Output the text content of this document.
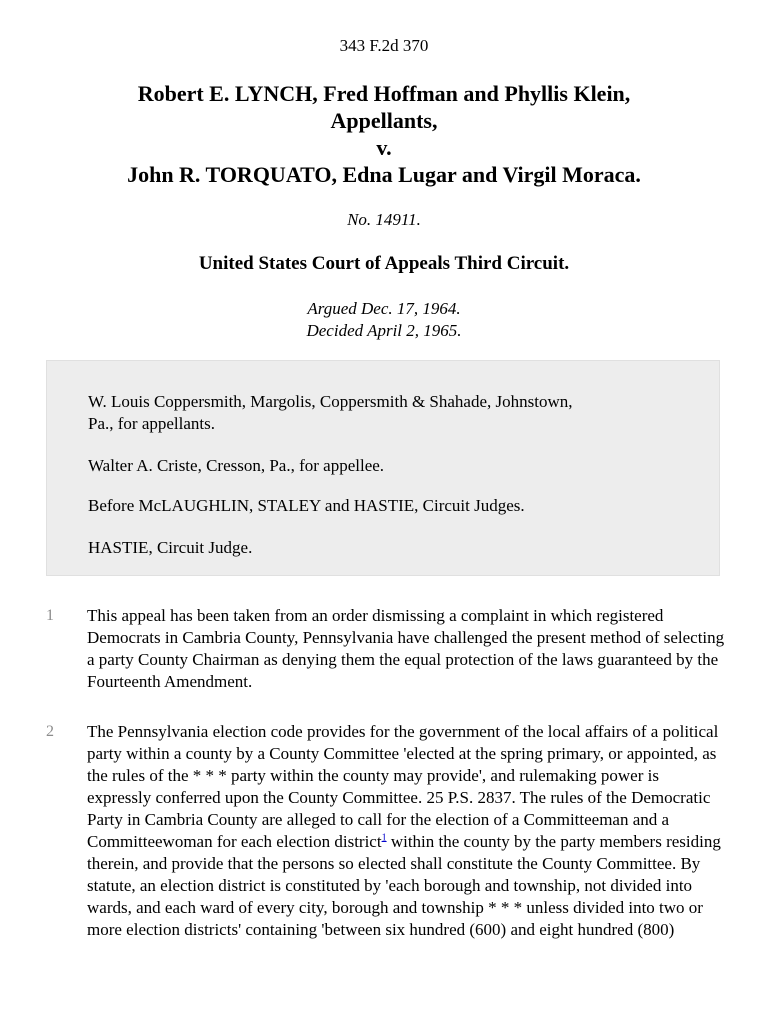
343 F.2d 370
Robert E. LYNCH, Fred Hoffman and Phyllis Klein,
Appellants,
v.
John R. TORQUATO, Edna Lugar and Virgil Moraca.
No. 14911.
United States Court of Appeals Third Circuit.
Argued Dec. 17, 1964.
Decided April 2, 1965.

W. Louis Coppersmith, Margolis, Coppersmith & Shahade, Johnstown,
Pa., for appellants.

Walter A. Criste, Cresson, Pa., for appellee.

Before McLAUGHLIN, STALEY and HASTIE, Circuit Judges.

HASTIE, Circuit Judge.

1 This appeal has been taken from an order dismissing a complaint in which registered Democrats in Cambria County, Pennsylvania have challenged the present method of selecting a party County Chairman as denying them the equal protection of the laws guaranteed by the Fourteenth Amendment.
2 The Pennsylvania election code provides for the government of the local affairs of a political party within a county by a County Committee 'elected at the spring primary, or appointed, as the rules of the * * * party within the county may provide', and rulemaking power is expressly conferred upon the County Committee. 25 P.S. 2837. The rules of the Democratic Party in Cambria County are alleged to call for the election of a Committeeman and a Committeewoman for each election district$^1$ within the county by the party members residing therein, and provide that the persons so elected shall constitute the County Committee. By statute, an election district is constituted by 'each borough and township, not divided into wards, and each ward of every city, borough and township * * * unless divided into two or more election districts' containing 'between six hundred (600) and eight hundred (800)
